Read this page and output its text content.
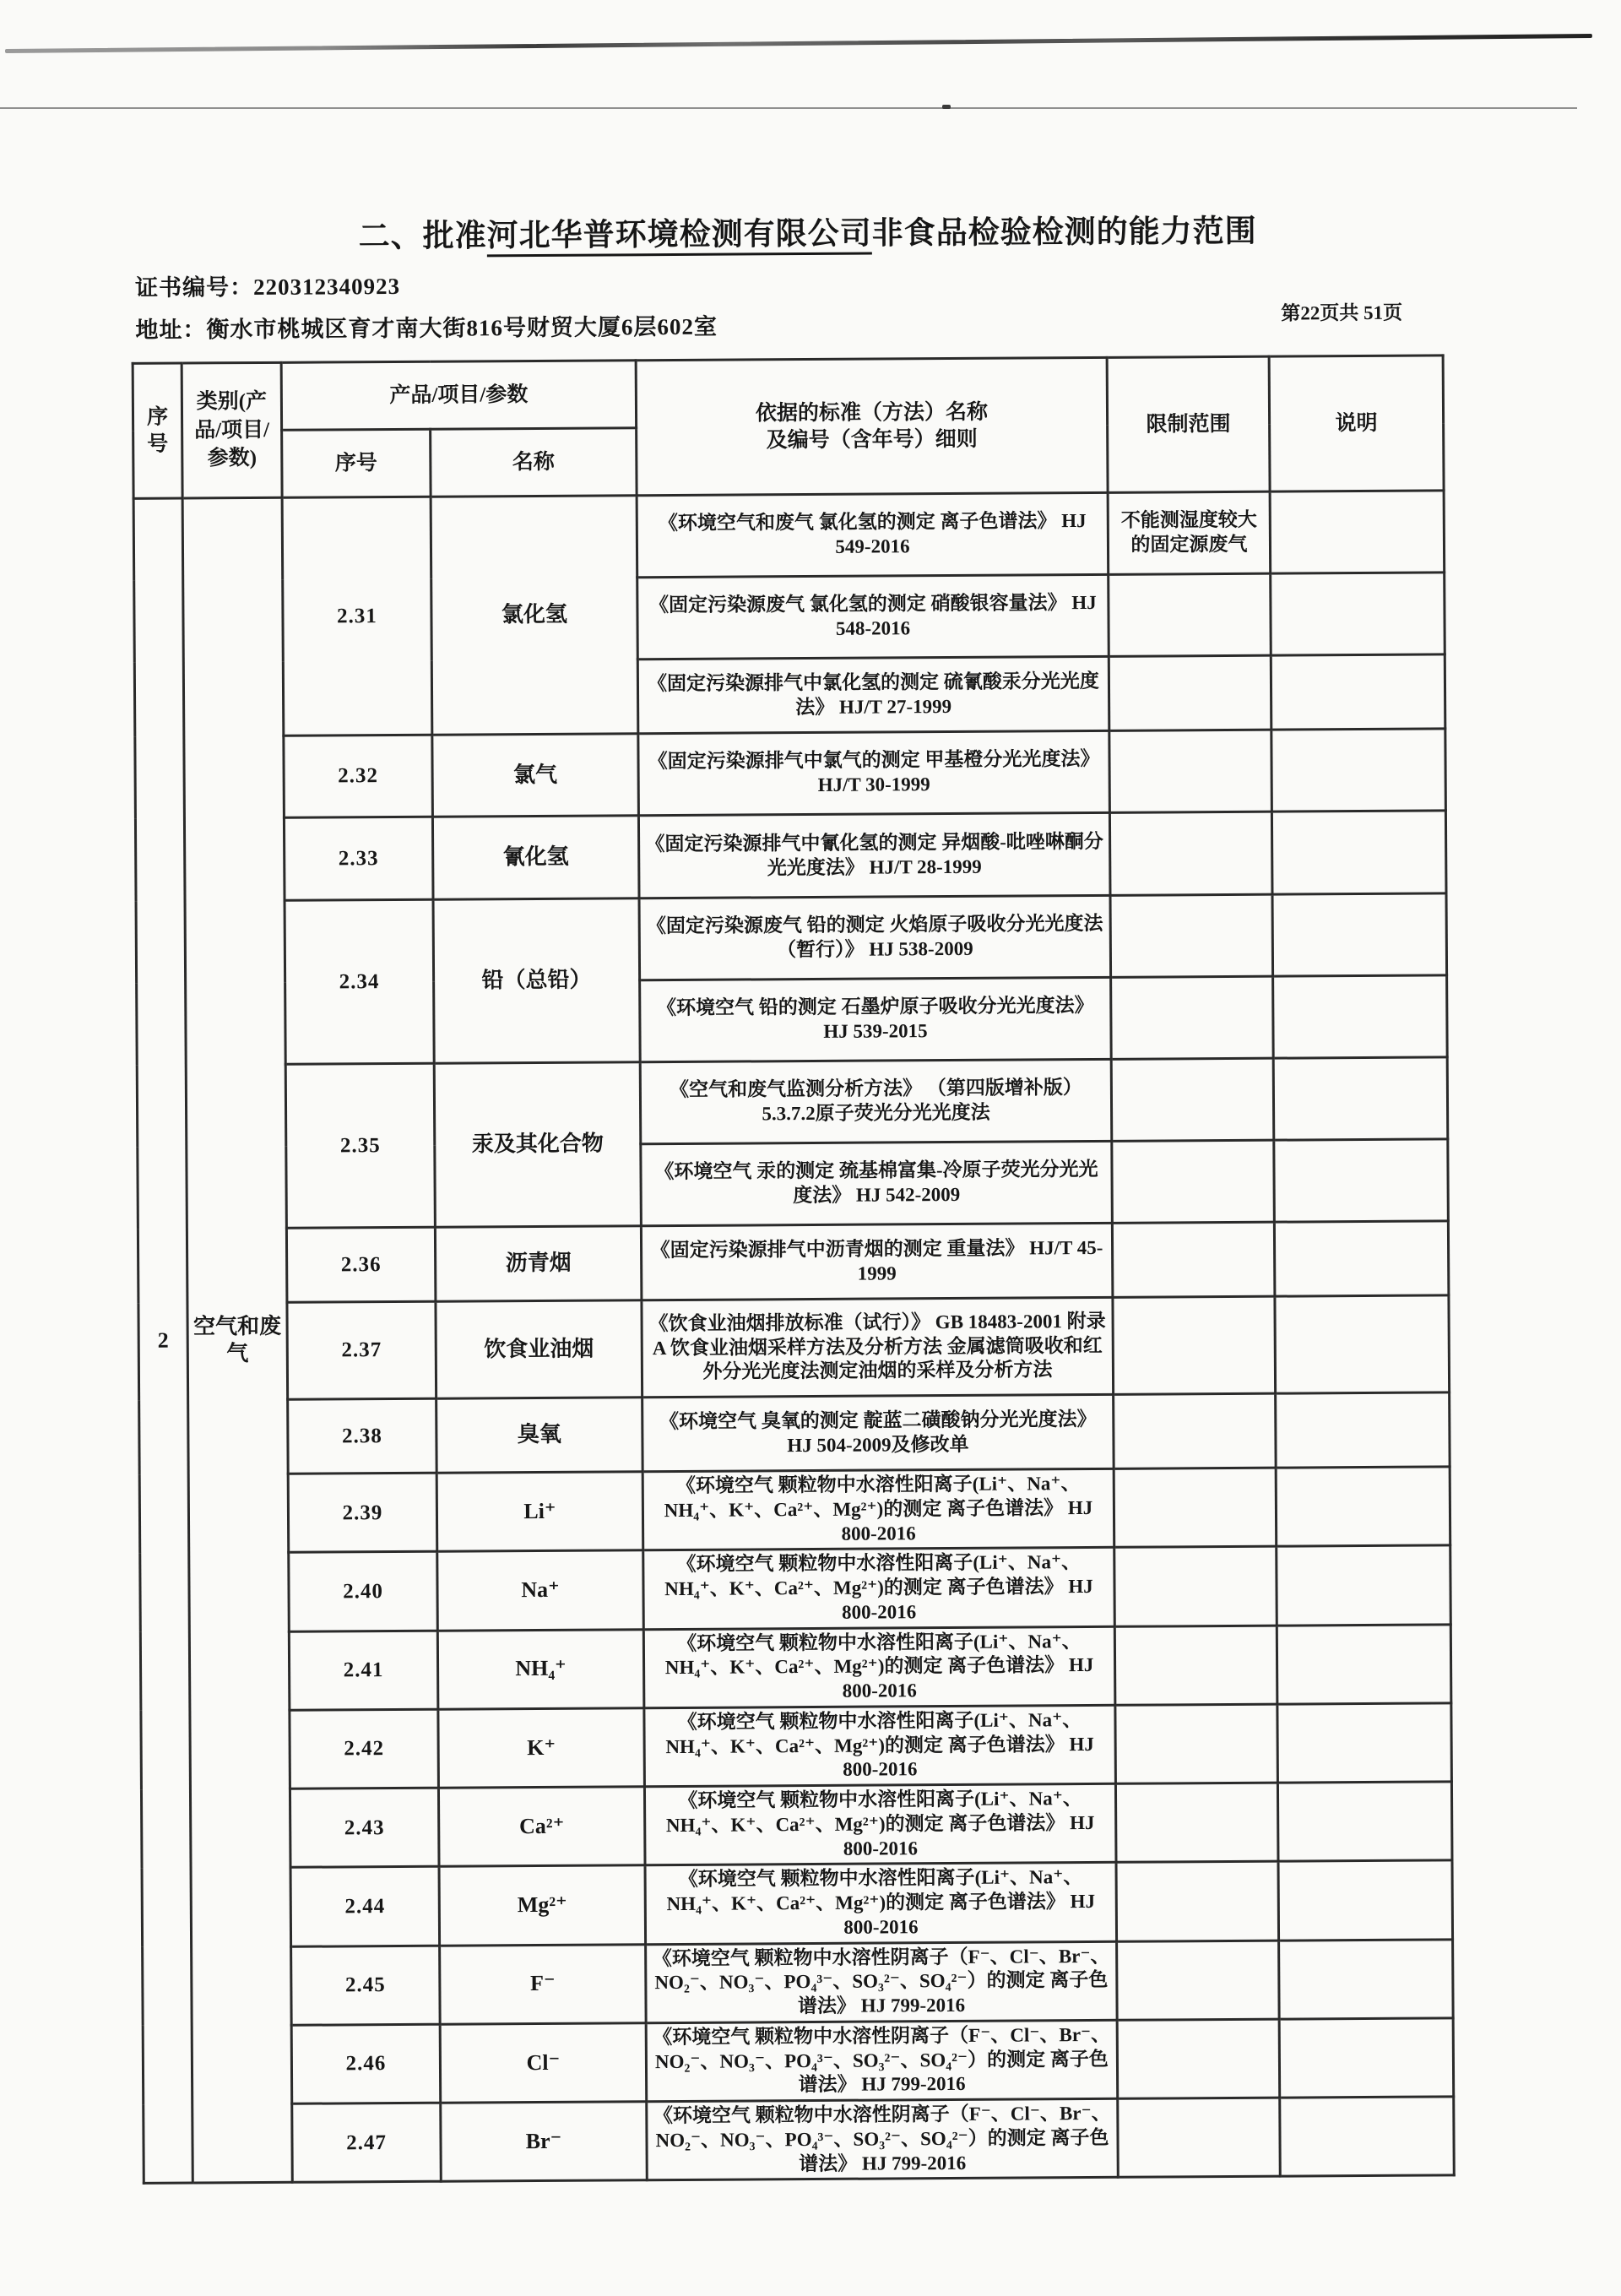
二、批准河北华普环境检测有限公司非食品检验检测的能力范围
证书编号：220312340923
地址：衡水市桃城区育才南大街816号财贸大厦6层602室
第22页共 51页
序号	类别(产品/项目/参数)	产品/项目/参数		依据的标准（方法）名称
及编号（含年号）细则	限制范围	说明
		序号	名称			
2	空气和废气	2.31	氯化氢	《环境空气和废气 氯化氢的测定 离子色谱法》 HJ 549-2016	不能测湿度较大的固定源废气	
				《固定污染源废气 氯化氢的测定 硝酸银容量法》 HJ 548-2016		
				《固定污染源排气中氯化氢的测定 硫氰酸汞分光光度法》 HJ/T 27-1999		
		2.32	氯气	《固定污染源排气中氯气的测定 甲基橙分光光度法》 HJ/T 30-1999		
		2.33	氰化氢	《固定污染源排气中氰化氢的测定 异烟酸-吡唑啉酮分光光度法》 HJ/T 28-1999		
		2.34	铅（总铅）	《固定污染源废气 铅的测定 火焰原子吸收分光光度法（暂行）》 HJ 538-2009		
				《环境空气 铅的测定 石墨炉原子吸收分光光度法》 HJ 539-2015		
		2.35	汞及其化合物	《空气和废气监测分析方法》 （第四版增补版） 5.3.7.2原子荧光分光光度法		
				《环境空气 汞的测定 巯基棉富集-冷原子荧光分光光度法》 HJ 542-2009		
		2.36	沥青烟	《固定污染源排气中沥青烟的测定 重量法》 HJ/T 45-1999		
		2.37	饮食业油烟	《饮食业油烟排放标准（试行）》 GB 18483-2001 附录A 饮食业油烟采样方法及分析方法 金属滤筒吸收和红外分光光度法测定油烟的采样及分析方法		
		2.38	臭氧	《环境空气 臭氧的测定 靛蓝二磺酸钠分光光度法》 HJ 504-2009及修改单		
		2.39	Li⁺	《环境空气 颗粒物中水溶性阳离子(Li⁺、Na⁺、NH₄⁺、K⁺、Ca²⁺、Mg²⁺)的测定 离子色谱法》 HJ 800-2016		
		2.40	Na⁺	《环境空气 颗粒物中水溶性阳离子(Li⁺、Na⁺、NH₄⁺、K⁺、Ca²⁺、Mg²⁺)的测定 离子色谱法》 HJ 800-2016		
		2.41	NH₄⁺	《环境空气 颗粒物中水溶性阳离子(Li⁺、Na⁺、NH₄⁺、K⁺、Ca²⁺、Mg²⁺)的测定 离子色谱法》 HJ 800-2016		
		2.42	K⁺	《环境空气 颗粒物中水溶性阳离子(Li⁺、Na⁺、NH₄⁺、K⁺、Ca²⁺、Mg²⁺)的测定 离子色谱法》 HJ 800-2016		
		2.43	Ca²⁺	《环境空气 颗粒物中水溶性阳离子(Li⁺、Na⁺、NH₄⁺、K⁺、Ca²⁺、Mg²⁺)的测定 离子色谱法》 HJ 800-2016		
		2.44	Mg²⁺	《环境空气 颗粒物中水溶性阳离子(Li⁺、Na⁺、NH₄⁺、K⁺、Ca²⁺、Mg²⁺)的测定 离子色谱法》 HJ 800-2016		
		2.45	F⁻	《环境空气 颗粒物中水溶性阴离子（F⁻、Cl⁻、Br⁻、NO₂⁻、NO₃⁻、PO₄³⁻、SO₃²⁻、SO₄²⁻）的测定 离子色谱法》 HJ 799-2016		
		2.46	Cl⁻	《环境空气 颗粒物中水溶性阴离子（F⁻、Cl⁻、Br⁻、NO₂⁻、NO₃⁻、PO₄³⁻、SO₃²⁻、SO₄²⁻）的测定 离子色谱法》 HJ 799-2016		
		2.47	Br⁻	《环境空气 颗粒物中水溶性阴离子（F⁻、Cl⁻、Br⁻、NO₂⁻、NO₃⁻、PO₄³⁻、SO₃²⁻、SO₄²⁻）的测定 离子色谱法》 HJ 799-2016		
